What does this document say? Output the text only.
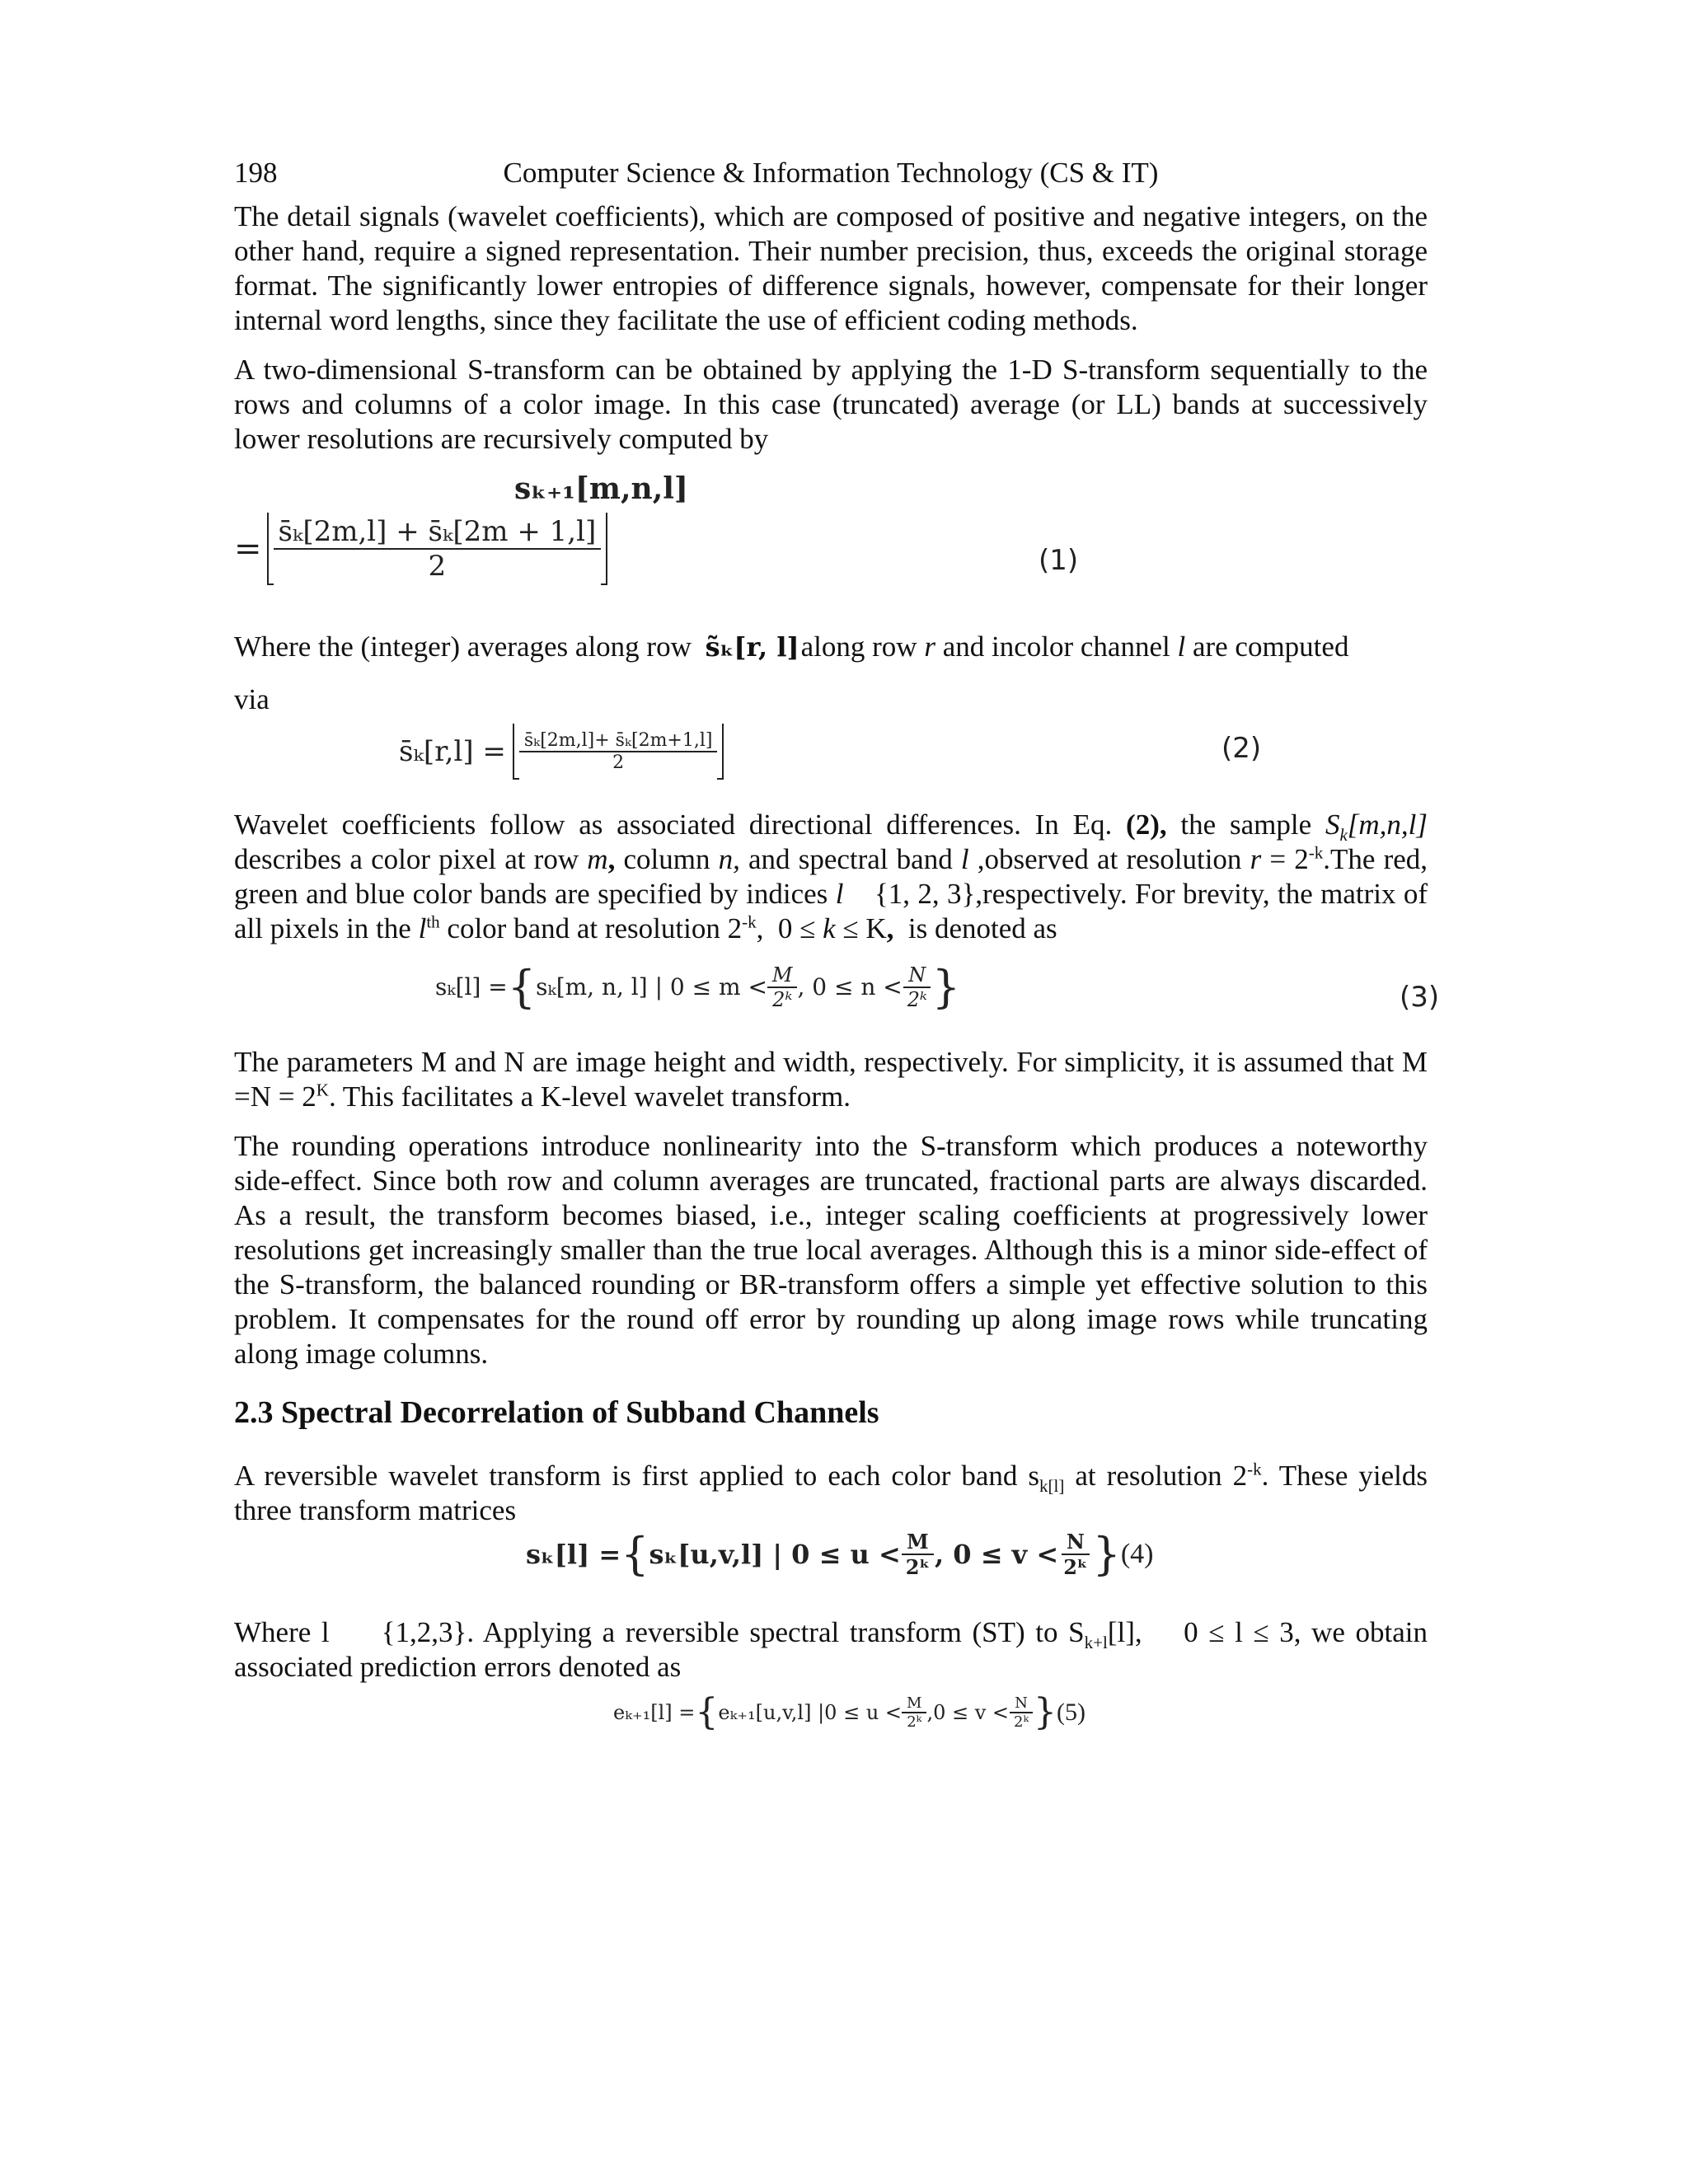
198	Computer Science & Information Technology (CS & IT)

The detail signals (wavelet coefficients), which are composed of positive and negative integers, on the other hand, require a signed representation. Their number precision, thus, exceeds the original storage format. The significantly lower entropies of difference signals, however, compensate for their longer internal word lengths, since they facilitate the use of efficient coding methods.

A two-dimensional S-transform can be obtained by applying the 1-D S-transform sequentially to the rows and columns of a color image. In this case (truncated) average (or LL) bands at successively lower resolutions are recursively computed by

sₖ₊₁[m,n,l]
= $\frac{\text{s̄ₖ[2m,l] + s̄ₖ[2m + 1,l]}}{2}$	(1)

Where the (integer) averages along row s̃ₖ[r, l]along row r and incolor channel l are computed

via

s̄ₖ[r,l] = $\frac{\text{s̄ₖ[2m,l]+ s̄ₖ[2m+1,l]}}{2}$	(2)

Wavelet coefficients follow as associated directional differences. In Eq. (2), the sample $S_k[m,n,l]$ describes a color pixel at row m, column n, and spectral band l ,observed at resolution $r = 2^{-k}.The$ red, green and blue color bands are specified by indices l {1, 2, 3},respectively. For brevity, the matrix of all pixels in the $l^{th}$ color band at resolution $2^{-k}$,  0 ≤ k ≤ K, is denoted as

sₖ[l] = { sₖ[m, n, l] | $0 \le m < \frac{M}{\text{2ᵏ}}$ , $0 \le n < \frac{N}{\text{2ᵏ}}$ }	(3)

The parameters M and N are image height and width, respectively. For simplicity, it is assumed that $M =N = 2^K$. This facilitates a K-level wavelet transform.

The rounding operations introduce nonlinearity into the S-transform which produces a noteworthy side-effect. Since both row and column averages are truncated, fractional parts are always discarded. As a result, the transform becomes biased, i.e., integer scaling coefficients at progressively lower resolutions get increasingly smaller than the true local averages. Although this is a minor side-effect of the S-transform, the balanced rounding or BR-transform offers a simple yet effective solution to this problem. It compensates for the round off error by rounding up along image rows while truncating along image columns.

2.3 Spectral Decorrelation of Subband Channels

A reversible wavelet transform is first applied to each color band $s_{k[l]}$ at resolution $2^{-k}$. These yields three transform matrices

sₖ[l] = { sₖ[u,v,l] | $0 \le u < \frac{M}{\text{2ᵏ}}$ , $0 \le v < \frac{N}{\text{2ᵏ}}$ } (4)

Where l {1,2,3}. Applying a reversible spectral transform (ST) to $S_{k+l}[l]$, 0 ≤ l ≤ 3, we obtain associated prediction errors denoted as

eₖ₊₁[l] = { eₖ₊₁[u,v,l] $|0 \le u < \frac{M}{\text{2ᵏ}} ,0 \le v < \frac{N}{\text{2ᵏ}}$ } (5)
